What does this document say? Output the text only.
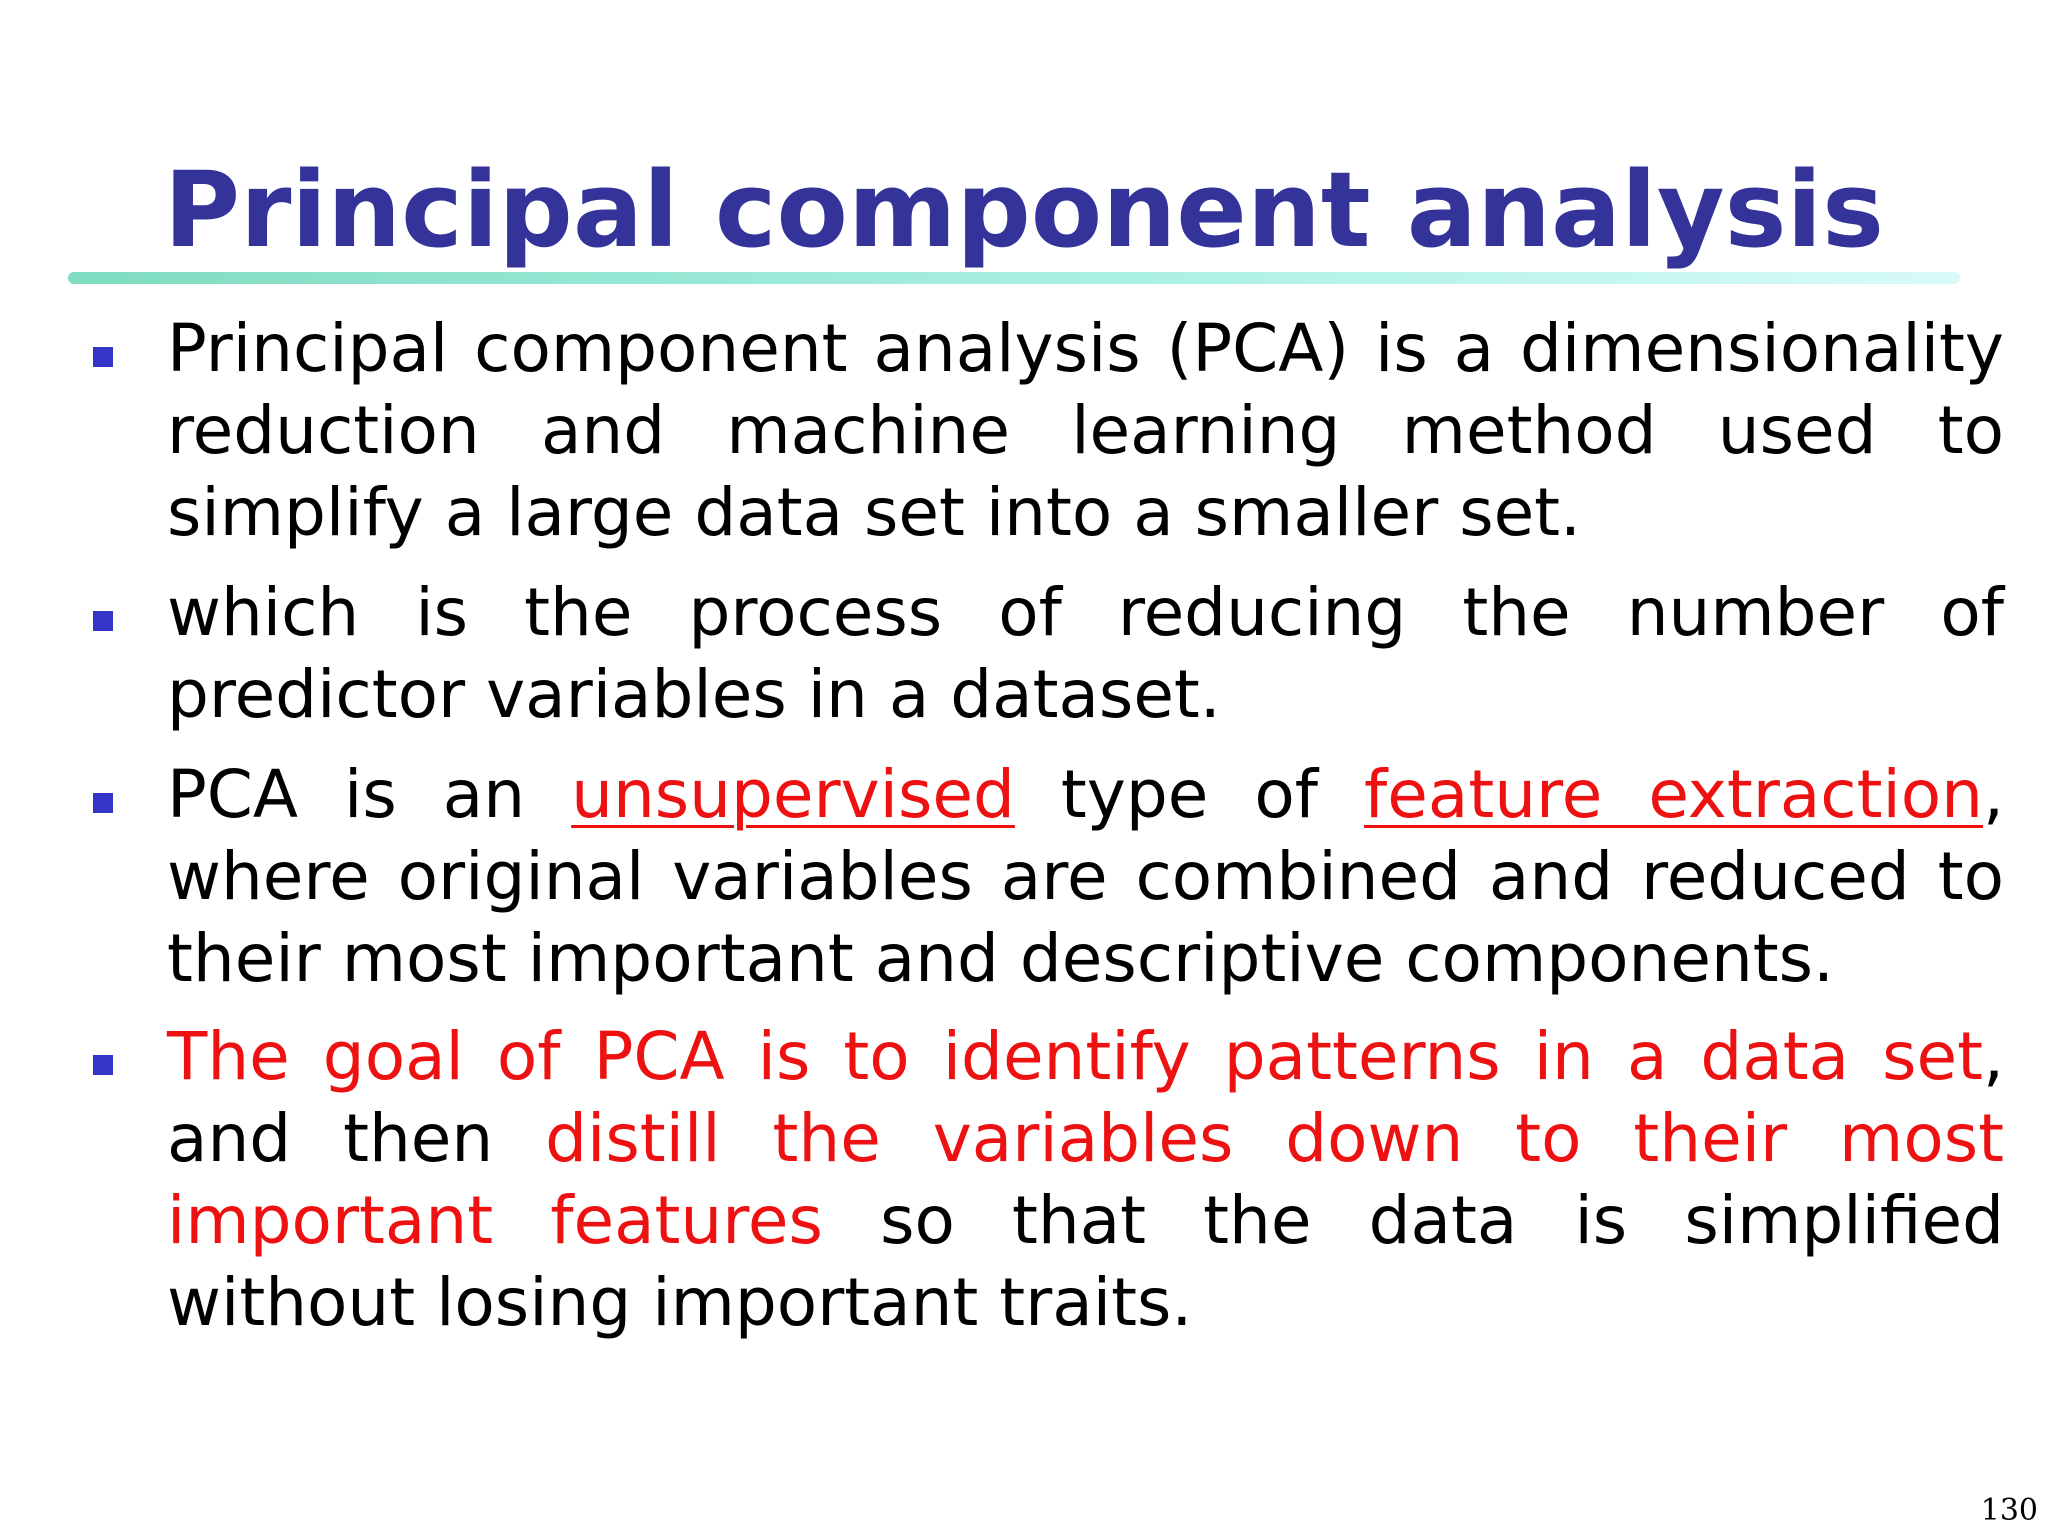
Principal component analysis
Principal component analysis (PCA) is a dimensionality reduction and machine learning method used to simplify a large data set into a smaller set.
which is the process of reducing the number of predictor variables in a dataset.
PCA is an unsupervised type of feature extraction, where original variables are combined and reduced to their most important and descriptive components.
The goal of PCA is to identify patterns in a data set, and then distill the variables down to their most important features so that the data is simplified without losing important traits.
130
